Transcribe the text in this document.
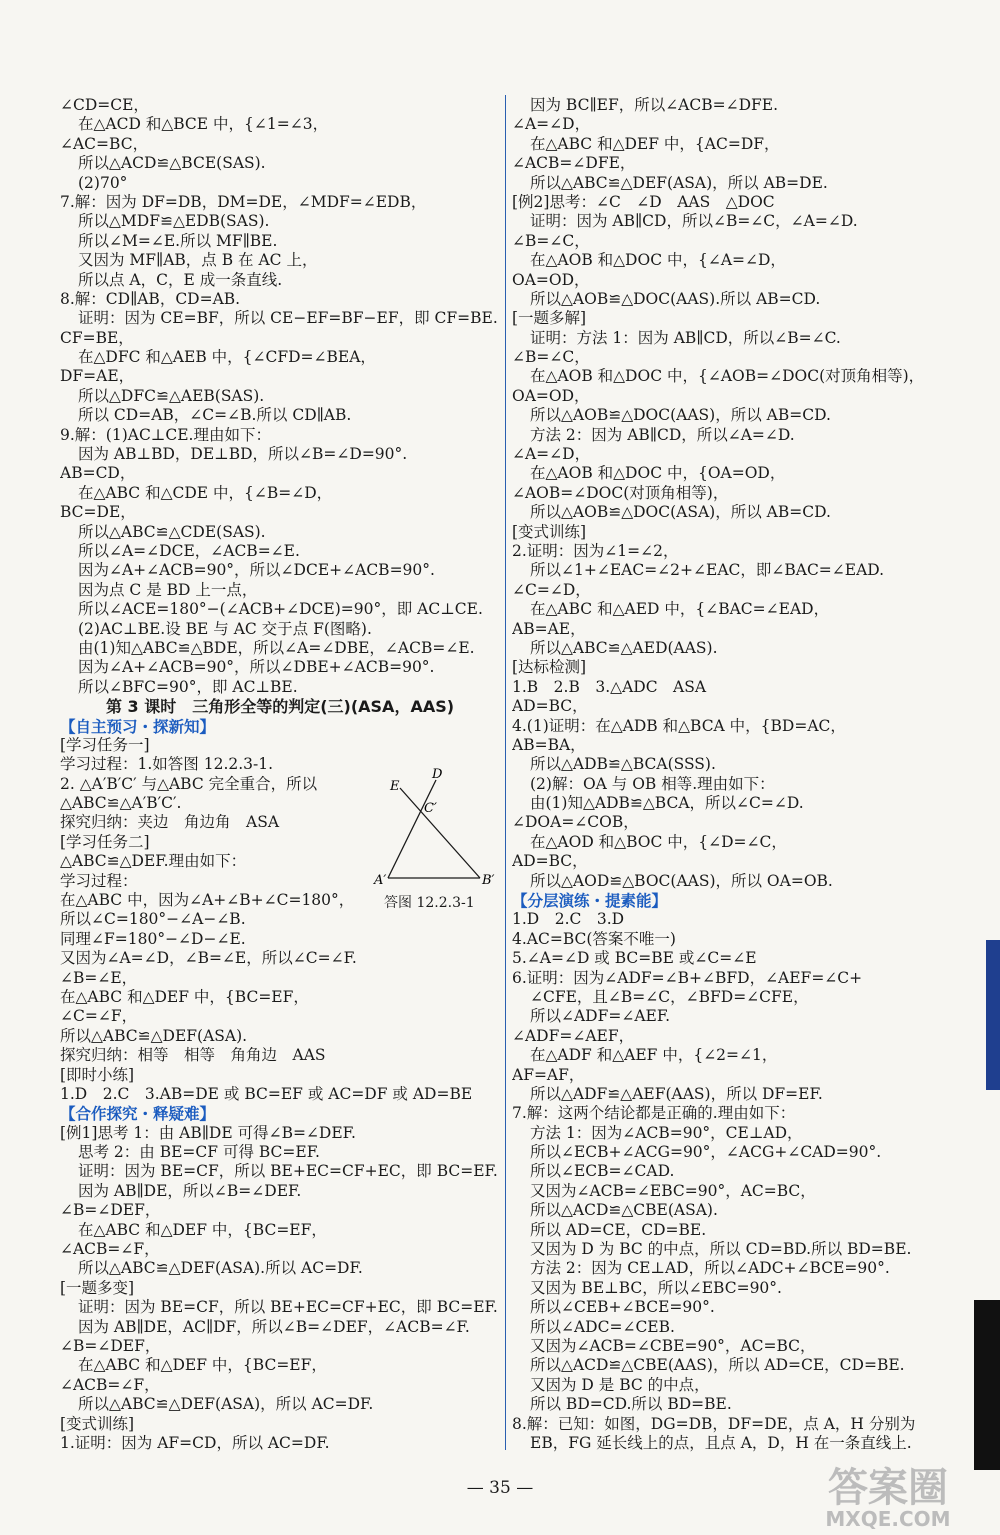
∠CD=CE，
在△ACD 和△BCE 中，{∠1=∠3，
∠AC=BC，
所以△ACD≌△BCE(SAS).
(2)70°
7.解：因为 DF=DB，DM=DE，∠MDF=∠EDB，
所以△MDF≌△EDB(SAS).
所以∠M=∠E.所以 MF∥BE.
又因为 MF∥AB，点 B 在 AC 上，
所以点 A，C，E 成一条直线.
8.解：CD∥AB，CD=AB.
证明：因为 CE=BF，所以 CE−EF=BF−EF，即 CF=BE.
CF=BE，
在△DFC 和△AEB 中，{∠CFD=∠BEA，
DF=AE，
所以△DFC≌△AEB(SAS).
所以 CD=AB，∠C=∠B.所以 CD∥AB.
9.解：(1)AC⊥CE.理由如下：
因为 AB⊥BD，DE⊥BD，所以∠B=∠D=90°.
AB=CD，
在△ABC 和△CDE 中，{∠B=∠D，
BC=DE，
所以△ABC≌△CDE(SAS).
所以∠A=∠DCE，∠ACB=∠E.
因为∠A+∠ACB=90°，所以∠DCE+∠ACB=90°.
因为点 C 是 BD 上一点，
所以∠ACE=180°−(∠ACB+∠DCE)=90°，即 AC⊥CE.
(2)AC⊥BE.设 BE 与 AC 交于点 F(图略).
由(1)知△ABC≌△BDE，所以∠A=∠DBE，∠ACB=∠E.
因为∠A+∠ACB=90°，所以∠DBE+∠ACB=90°.
所以∠BFC=90°，即 AC⊥BE.
第 3 课时　三角形全等的判定(三)(ASA，AAS)
【自主预习・探新知】
[学习任务一]
学习过程：1.如答图 12.2.3-1.
2. △A′B′C′ 与△ABC 完全重合，所以
△ABC≌△A′B′C′.
探究归纳：夹边　角边角　ASA
[学习任务二]
△ABC≌△DEF.理由如下：
学习过程：
在△ABC 中，因为∠A+∠B+∠C=180°，
所以∠C=180°−∠A−∠B.
同理∠F=180°−∠D−∠E.
又因为∠A=∠D，∠B=∠E，所以∠C=∠F.
∠B=∠E，
在△ABC 和△DEF 中，{BC=EF，
∠C=∠F，
所以△ABC≌△DEF(ASA).
探究归纳：相等　相等　角角边　AAS
[即时小练]
1.D　2.C　3.AB=DE 或 BC=EF 或 AC=DF 或 AD=BE
【合作探究・释疑难】
[例1]思考 1：由 AB∥DE 可得∠B=∠DEF.
思考 2：由 BE=CF 可得 BC=EF.
证明：因为 BE=CF，所以 BE+EC=CF+EC，即 BC=EF.
因为 AB∥DE，所以∠B=∠DEF.
∠B=∠DEF，
在△ABC 和△DEF 中，{BC=EF，
∠ACB=∠F，
所以△ABC≌△DEF(ASA).所以 AC=DF.
[一题多变]
证明：因为 BE=CF，所以 BE+EC=CF+EC，即 BC=EF.
因为 AB∥DE，AC∥DF，所以∠B=∠DEF，∠ACB=∠F.
∠B=∠DEF，
在△ABC 和△DEF 中，{BC=EF，
∠ACB=∠F，
所以△ABC≌△DEF(ASA)，所以 AC=DF.
[变式训练]
1.证明：因为 AF=CD，所以 AC=DF.
因为 BC∥EF，所以∠ACB=∠DFE.
∠A=∠D，
在△ABC 和△DEF 中，{AC=DF，
∠ACB=∠DFE，
所以△ABC≌△DEF(ASA)，所以 AB=DE.
[例2]思考：∠C　∠D　AAS　△DOC
证明：因为 AB∥CD，所以∠B=∠C，∠A=∠D.
∠B=∠C，
在△AOB 和△DOC 中，{∠A=∠D，
OA=OD，
所以△AOB≌△DOC(AAS).所以 AB=CD.
[一题多解]
证明：方法 1：因为 AB∥CD，所以∠B=∠C.
∠B=∠C，
在△AOB 和△DOC 中，{∠AOB=∠DOC(对顶角相等)，
OA=OD，
所以△AOB≌△DOC(AAS)，所以 AB=CD.
方法 2：因为 AB∥CD，所以∠A=∠D.
∠A=∠D，
在△AOB 和△DOC 中，{OA=OD，
∠AOB=∠DOC(对顶角相等)，
所以△AOB≌△DOC(ASA)，所以 AB=CD.
[变式训练]
2.证明：因为∠1=∠2，
所以∠1+∠EAC=∠2+∠EAC，即∠BAC=∠EAD.
∠C=∠D，
在△ABC 和△AED 中，{∠BAC=∠EAD，
AB=AE，
所以△ABC≌△AED(AAS).
[达标检测]
1.B　2.B　3.△ADC　ASA
AD=BC，
4.(1)证明：在△ADB 和△BCA 中，{BD=AC，
AB=BA，
所以△ADB≌△BCA(SSS).
(2)解：OA 与 OB 相等.理由如下：
由(1)知△ADB≌△BCA，所以∠C=∠D.
∠DOA=∠COB，
在△AOD 和△BOC 中，{∠D=∠C，
AD=BC，
所以△AOD≌△BOC(AAS)，所以 OA=OB.
【分层演练・提素能】
1.D　2.C　3.D
4.AC=BC(答案不唯一)
5.∠A=∠D 或 BC=BE 或∠C=∠E
6.证明：因为∠ADF=∠B+∠BFD，∠AEF=∠C+
∠CFE，且∠B=∠C，∠BFD=∠CFE，
所以∠ADF=∠AEF.
∠ADF=∠AEF，
在△ADF 和△AEF 中，{∠2=∠1，
AF=AF，
所以△ADF≌△AEF(AAS)，所以 DF=EF.
7.解：这两个结论都是正确的.理由如下：
方法 1：因为∠ACB=90°，CE⊥AD，
所以∠ECB+∠ACG=90°，∠ACG+∠CAD=90°.
所以∠ECB=∠CAD.
又因为∠ACB=∠EBC=90°，AC=BC，
所以△ACD≌△CBE(ASA).
所以 AD=CE，CD=BE.
又因为 D 为 BC 的中点，所以 CD=BD.所以 BD=BE.
方法 2：因为 CE⊥AD，所以∠ADC+∠BCE=90°.
又因为 BE⊥BC，所以∠EBC=90°.
所以∠CEB+∠BCE=90°.
所以∠ADC=∠CEB.
又因为∠ACB=∠CBE=90°，AC=BC，
所以△ACD≌△CBE(AAS)，所以 AD=CE，CD=BE.
又因为 D 是 BC 的中点，
所以 BD=CD.所以 BD=BE.
8.解：已知：如图，DG=DB，DF=DE，点 A，H 分别为
EB，FG 延长线上的点，且点 A，D，H 在一条直线上.
A′	B′
C′
D
E
答图 12.2.3-1
— 35 —	答案圈
MXQE.COM
